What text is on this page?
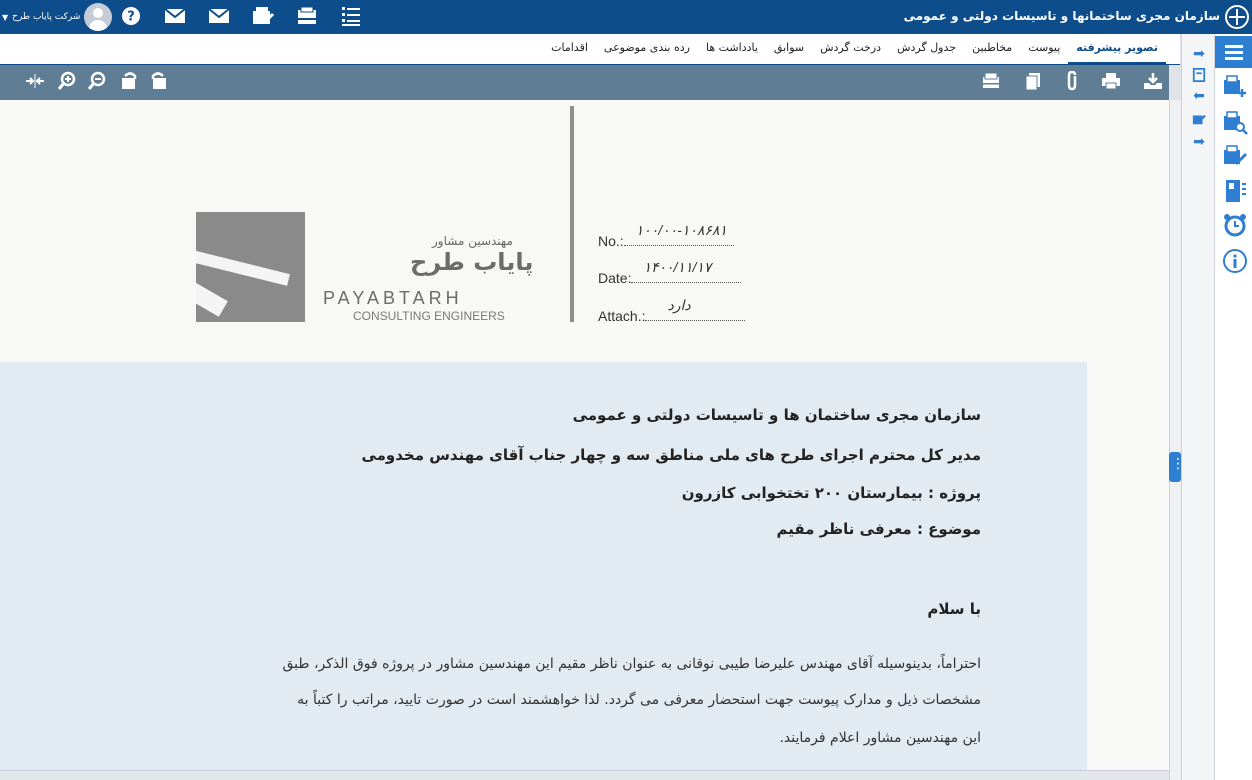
سازمان مجری ساختمانها و تاسیسات دولتی و عمومی
▼ شرکت پایاب طرح	?
تصویر پیشرفته
پیوست
مخاطبین
جدول گردش
درخت گردش
سوابق
یادداشت ها
رده بندی موضوعی
اقدامات
مهندسین مشاور
پایاب طرح
PAYABTARH
CONSULTING ENGINEERS
No.:
۱۰۰/۰۰-۱۰۸۶۸۱
Date:
۱۴۰۰/۱۱/۱۷
Attach.:
دارد
سازمان مجری ساختمان ها و تاسیسات دولتی و عمومی
مدیر کل محترم اجرای طرح های ملی مناطق سه و چهار جناب آقای مهندس مخدومی
پروژه : بیمارستان ۲۰۰ تختخوابی کازرون
موضوع : معرفی ناظر مقیم
با سلام
احتراماً، بدینوسیله آقای مهندس علیرضا طیبی نوقانی به عنوان ناظر مقیم این مهندسین مشاور در پروژه فوق الذکر، طبق
مشخصات ذیل و مدارک پیوست جهت استحضار معرفی می گردد. لذا خواهشمند است در صورت تایید، مراتب را کتباً به
این مهندسین مشاور اعلام فرمایند.
⋮
➡
⬅
➡
